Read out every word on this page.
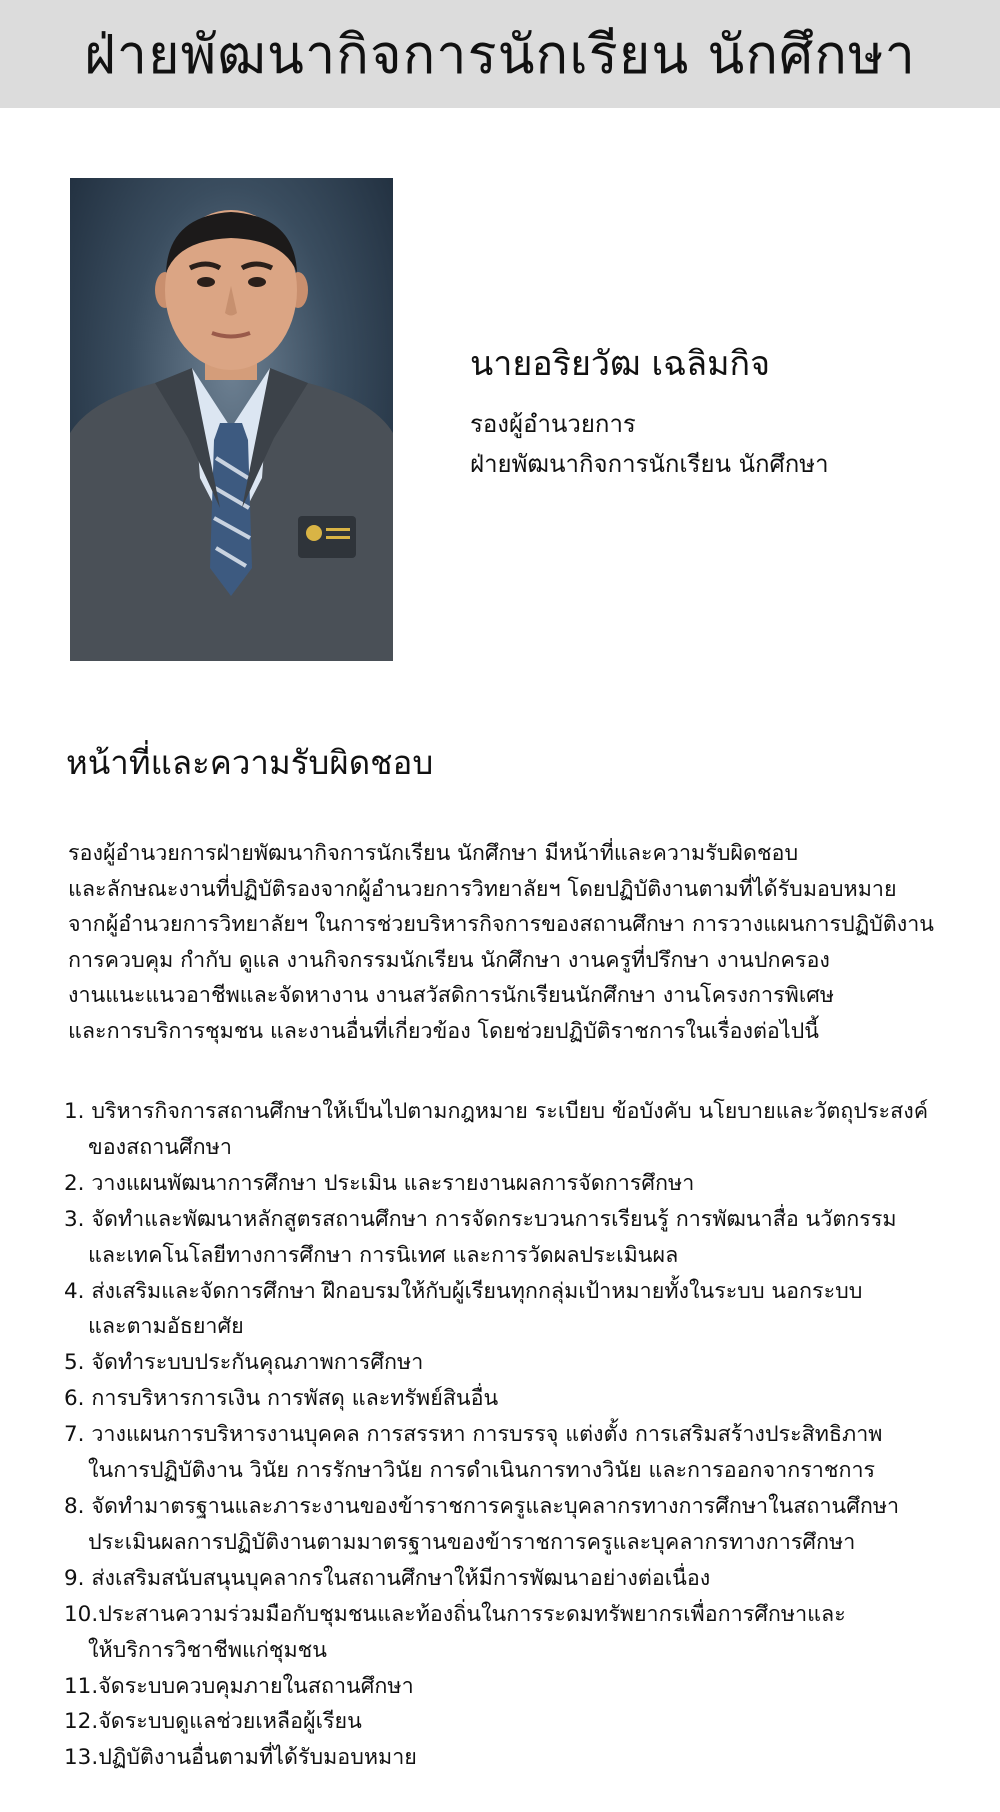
ฝ่ายพัฒนากิจการนักเรียน นักศึกษา
นายอริยวัฒ เฉลิมกิจ
รองผู้อำนวยการ
ฝ่ายพัฒนากิจการนักเรียน นักศึกษา
หน้าที่และความรับผิดชอบ
รองผู้อำนวยการฝ่ายพัฒนากิจการนักเรียน นักศึกษา มีหน้าที่และความรับผิดชอบ
และลักษณะงานที่ปฏิบัติรองจากผู้อำนวยการวิทยาลัยฯ โดยปฏิบัติงานตามที่ได้รับมอบหมาย
จากผู้อำนวยการวิทยาลัยฯ ในการช่วยบริหารกิจการของสถานศึกษา การวางแผนการปฏิบัติงาน
การควบคุม กำกับ ดูแล งานกิจกรรมนักเรียน นักศึกษา งานครูที่ปรึกษา งานปกครอง
งานแนะแนวอาชีพและจัดหางาน งานสวัสดิการนักเรียนนักศึกษา งานโครงการพิเศษ
และการบริการชุมชน และงานอื่นที่เกี่ยวข้อง โดยช่วยปฏิบัติราชการในเรื่องต่อไปนี้
1. บริหารกิจการสถานศึกษาให้เป็นไปตามกฎหมาย ระเบียบ ข้อบังคับ นโยบายและวัตถุประสงค์
ของสถานศึกษา
2. วางแผนพัฒนาการศึกษา ประเมิน และรายงานผลการจัดการศึกษา
3. จัดทำและพัฒนาหลักสูตรสถานศึกษา การจัดกระบวนการเรียนรู้ การพัฒนาสื่อ นวัตกรรม
และเทคโนโลยีทางการศึกษา การนิเทศ และการวัดผลประเมินผล
4. ส่งเสริมและจัดการศึกษา ฝึกอบรมให้กับผู้เรียนทุกกลุ่มเป้าหมายทั้งในระบบ นอกระบบ
และตามอัธยาศัย
5. จัดทำระบบประกันคุณภาพการศึกษา
6. การบริหารการเงิน การพัสดุ และทรัพย์สินอื่น
7. วางแผนการบริหารงานบุคคล การสรรหา การบรรจุ แต่งตั้ง การเสริมสร้างประสิทธิภาพ
ในการปฏิบัติงาน วินัย การรักษาวินัย การดำเนินการทางวินัย และการออกจากราชการ
8. จัดทำมาตรฐานและภาระงานของข้าราชการครูและบุคลากรทางการศึกษาในสถานศึกษา
ประเมินผลการปฏิบัติงานตามมาตรฐานของข้าราชการครูและบุคลากรทางการศึกษา
9. ส่งเสริมสนับสนุนบุคลากรในสถานศึกษาให้มีการพัฒนาอย่างต่อเนื่อง
10.ประสานความร่วมมือกับชุมชนและท้องถิ่นในการระดมทรัพยากรเพื่อการศึกษาและ
ให้บริการวิชาชีพแก่ชุมชน
11.จัดระบบควบคุมภายในสถานศึกษา
12.จัดระบบดูแลช่วยเหลือผู้เรียน
13.ปฏิบัติงานอื่นตามที่ได้รับมอบหมาย
